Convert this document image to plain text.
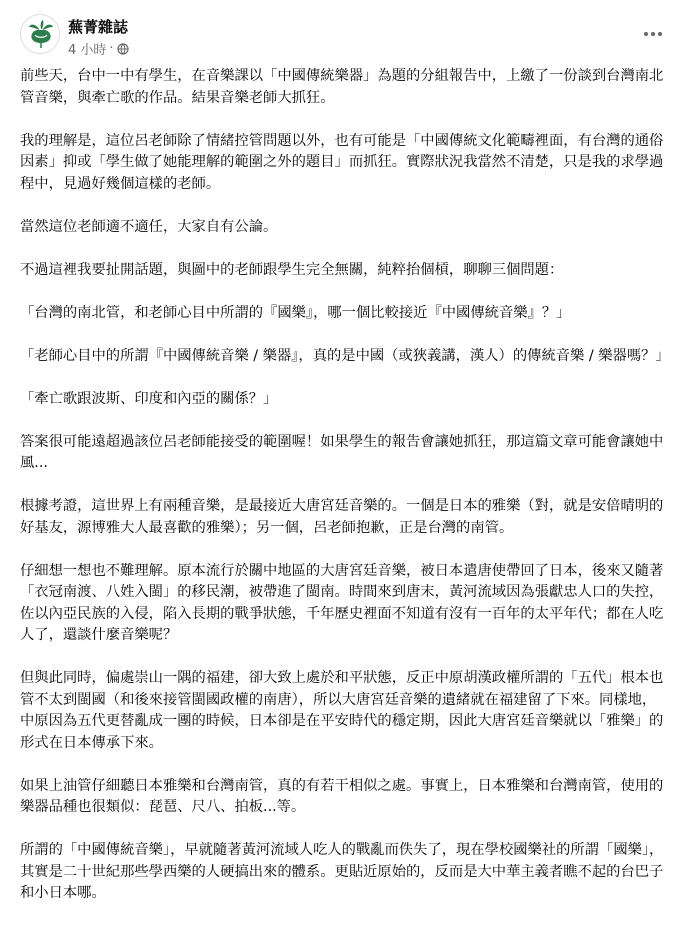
蕪菁雜誌
4 小時 ·

前些天，台中一中有學生，在音樂課以「中國傳統樂器」為題的分組報告中，上繳了一份談到台灣南北管音樂，與牽亡歌的作品。結果音樂老師大抓狂。

我的理解是，這位呂老師除了情緒控管問題以外，也有可能是「中國傳統文化範疇裡面，有台灣的通俗因素」抑或「學生做了她能理解的範圍之外的題目」而抓狂。實際狀況我當然不清楚，只是我的求學過程中，見過好幾個這樣的老師。

當然這位老師適不適任，大家自有公論。

不過這裡我要扯開話題，與圖中的老師跟學生完全無關，純粹抬個槓，聊聊三個問題：

「台灣的南北管，和老師心目中所謂的『國樂』，哪一個比較接近『中國傳統音樂』？」

「老師心目中的所謂『中國傳統音樂 / 樂器』，真的是中國（或狹義講，漢人）的傳統音樂 / 樂器嗎？」

「牽亡歌跟波斯、印度和內亞的關係？」

答案很可能遠超過該位呂老師能接受的範圍喔！如果學生的報告會讓她抓狂，那這篇文章可能會讓她中風...

根據考證，這世界上有兩種音樂，是最接近大唐宮廷音樂的。一個是日本的雅樂（對，就是安倍晴明的好基友，源博雅大人最喜歡的雅樂）；另一個，呂老師抱歉，正是台灣的南管。

仔細想一想也不難理解。原本流行於關中地區的大唐宮廷音樂，被日本遣唐使帶回了日本，後來又隨著「衣冠南渡、八姓入閩」的移民潮，被帶進了閩南。時間來到唐末，黃河流域因為張獻忠人口的失控，佐以內亞民族的入侵，陷入長期的戰爭狀態，千年歷史裡面不知道有沒有一百年的太平年代；都在人吃人了，還談什麼音樂呢？

但與此同時，偏處崇山一隅的福建，卻大致上處於和平狀態，反正中原胡漢政權所謂的「五代」根本也管不太到閩國（和後來接管閩國政權的南唐），所以大唐宮廷音樂的遺緒就在福建留了下來。同樣地，中原因為五代更替亂成一團的時候，日本卻是在平安時代的穩定期，因此大唐宮廷音樂就以「雅樂」的形式在日本傳承下來。

如果上油管仔細聽日本雅樂和台灣南管，真的有若干相似之處。事實上，日本雅樂和台灣南管，使用的樂器品種也很類似：琵琶、尺八、拍板...等。

所謂的「中國傳統音樂」，早就隨著黃河流域人吃人的戰亂而佚失了，現在學校國樂社的所謂「國樂」，其實是二十世紀那些學西樂的人硬搞出來的體系。更貼近原始的，反而是大中華主義者瞧不起的台巴子和小日本哪。
